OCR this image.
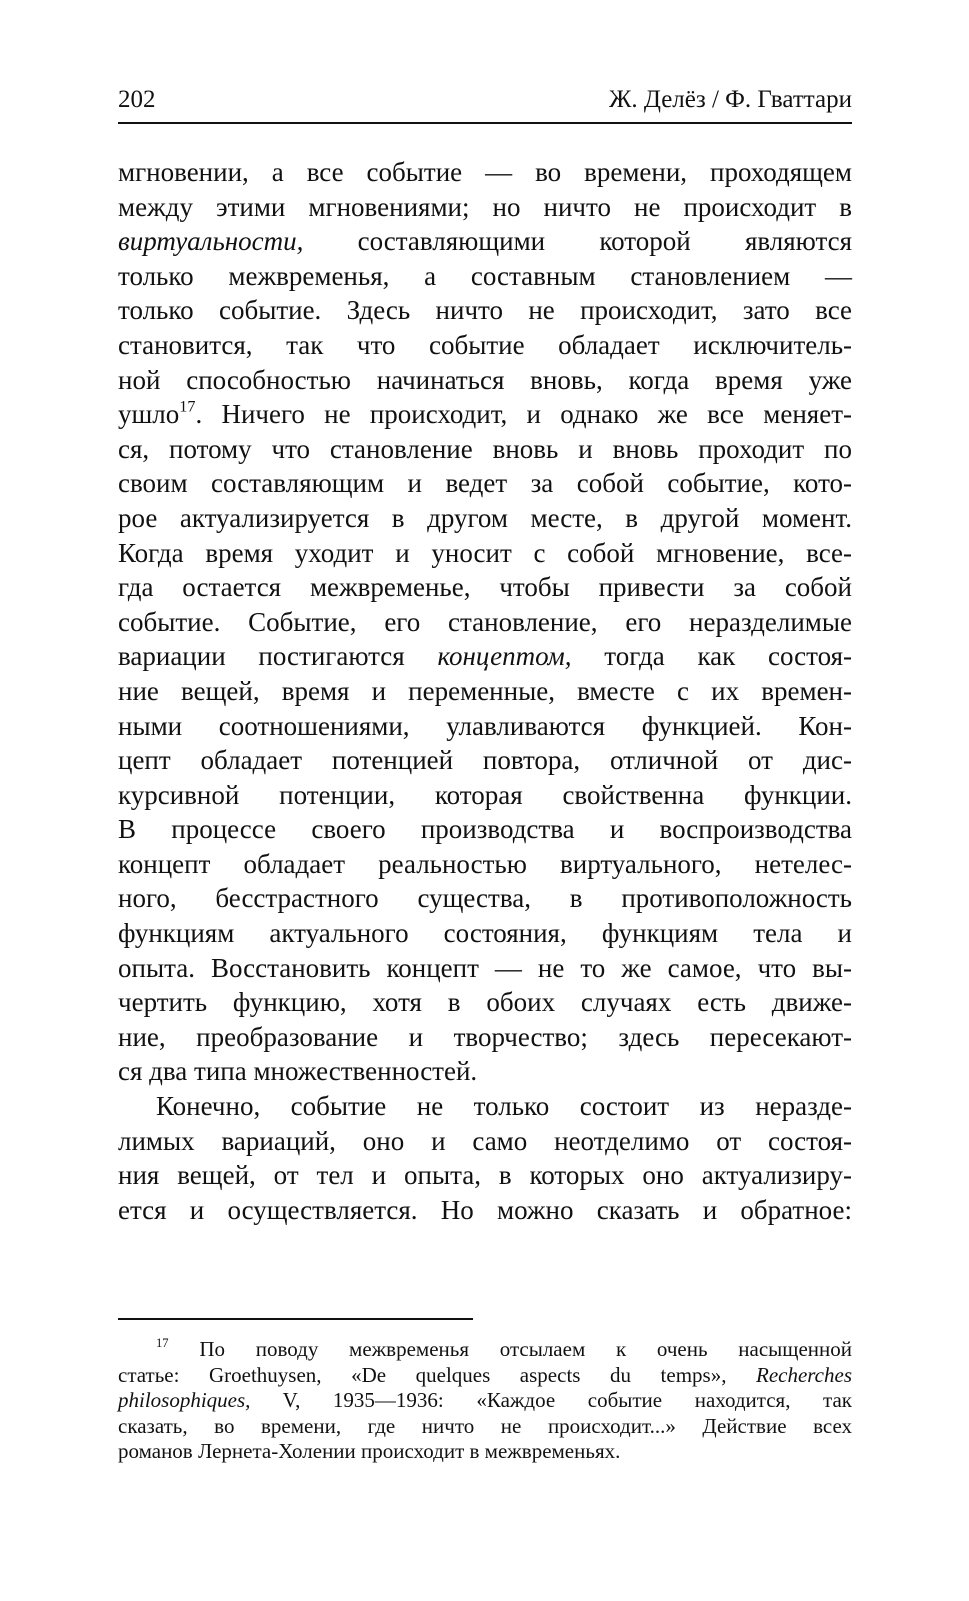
202	Ж. Делёз / Ф. Гваттари
мгновении, а все событие — во времени, проходящем
между этими мгновениями; но ничто не происходит в
виртуальности, составляющими которой являются
только межвременья, а составным становлением —
только событие. Здесь ничто не происходит, зато все
становится, так что событие обладает исключитель-
ной способностью начинаться вновь, когда время уже
ушло$^{17}$. Ничего не происходит, и однако же все меняет-
ся, потому что становление вновь и вновь проходит по
своим составляющим и ведет за собой событие, кото-
рое актуализируется в другом месте, в другой момент.
Когда время уходит и уносит с собой мгновение, все-
гда остается межвременье, чтобы привести за собой
событие. Событие, его становление, его неразделимые
вариации постигаются концептом, тогда как состоя-
ние вещей, время и переменные, вместе с их времен-
ными соотношениями, улавливаются функцией. Кон-
цепт обладает потенцией повтора, отличной от дис-
курсивной потенции, которая свойственна функции.
В процессе своего производства и воспроизводства
концепт обладает реальностью виртуального, нетелес-
ного, бесстрастного существа, в противоположность
функциям актуального состояния, функциям тела и
опыта. Восстановить концепт — не то же самое, что вы-
чертить функцию, хотя в обоих случаях есть движе-
ние, преобразование и творчество; здесь пересекают-
ся два типа множественностей.
Конечно, событие не только состоит из неразде-
лимых вариаций, оно и само неотделимо от состоя-
ния вещей, от тел и опыта, в которых оно актуализиру-
ется и осуществляется. Но можно сказать и обратное:
$^{17}$ По поводу межвременья отсылаем к очень насыщенной
статье: Groethuysen, «De quelques aspects du temps», Recherches
philosophiques, V, 1935—1936: «Каждое событие находится, так
сказать, во времени, где ничто не происходит...» Действие всех
романов Лернета-Холении происходит в межвременьях.
